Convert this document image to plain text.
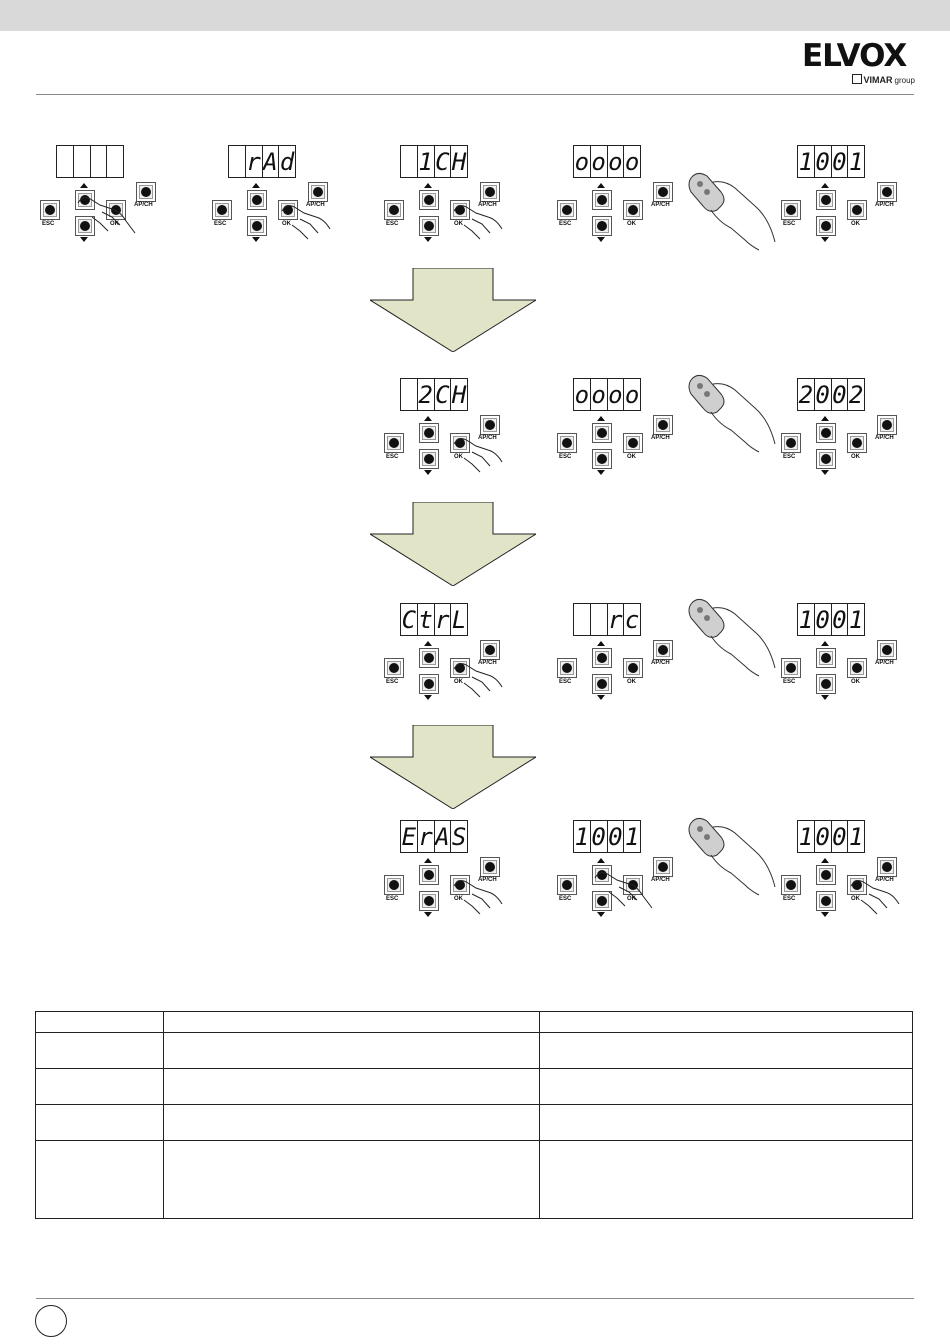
ELVOX
VIMAR group
ESC	OK
AP/CH
r A d
ESC	OK
AP/CH
1 C H
ESC	OK
AP/CH
o o o o
ESC	OK
AP/CH
1 0 0 1
ESC	OK
AP/CH
2 C H
ESC	OK
AP/CH
o o o o
ESC	OK
AP/CH
2 0 0 2
ESC	OK
AP/CH
C t r L
ESC	OK
AP/CH
r c
ESC	OK
AP/CH
1 0 0 1
ESC	OK
AP/CH
E r A S
ESC	OK
AP/CH
1 0 0 1
ESC	OK
AP/CH
1 0 0 1
ESC	OK
AP/CH
